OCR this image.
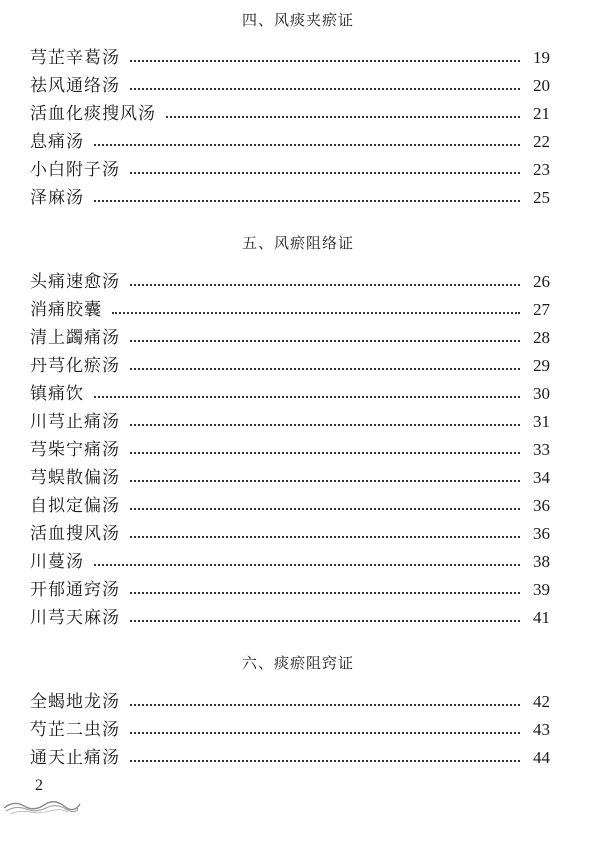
四、风痰夹瘀证
芎芷辛葛汤	19
祛风通络汤	20
活血化痰搜风汤	21
息痛汤	22
小白附子汤	23
泽麻汤	25
五、风瘀阻络证
头痛速愈汤	26
消痛胶囊	27
清上蠲痛汤	28
丹芎化瘀汤	29
镇痛饮	30
川芎止痛汤	31
芎柴宁痛汤	33
芎蜈散偏汤	34
自拟定偏汤	36
活血搜风汤	36
川蔓汤	38
开郁通窍汤	39
川芎天麻汤	41
六、痰瘀阻窍证
全蝎地龙汤	42
芍芷二虫汤	43
通天止痛汤	44
2
